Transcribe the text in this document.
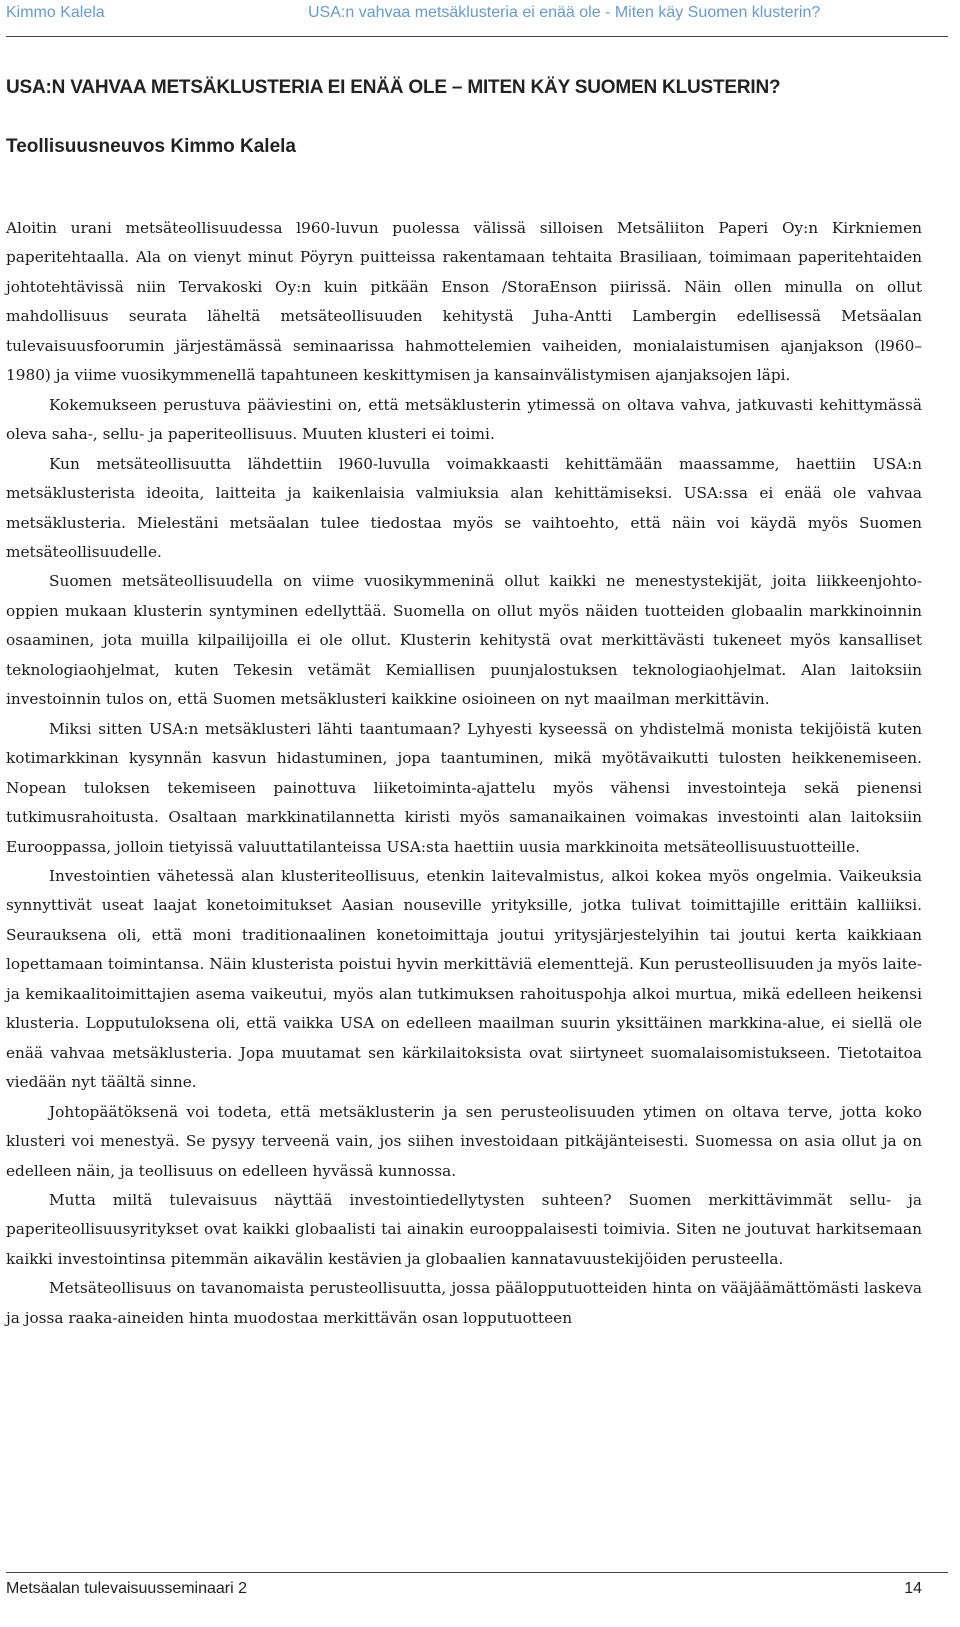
Kimmo Kalela	USA:n vahvaa metsäklusteria ei enää ole - Miten käy Suomen klusterin?
USA:N VAHVAA METSÄKLUSTERIA EI ENÄÄ OLE – MITEN KÄY SUOMEN KLUSTERIN?
Teollisuusneuvos Kimmo Kalela

Aloitin urani metsäteollisuudessa l960-luvun puolessa välissä silloisen Metsäliiton Paperi Oy:n Kirkniemen paperitehtaalla. Ala on vienyt minut Pöyryn puitteissa rakentamaan tehtaita Brasiliaan, toimimaan paperitehtaiden johtotehtävissä niin Tervakoski Oy:n kuin pitkään Enson /StoraEnson piirissä. Näin ollen minulla on ollut mahdollisuus seurata läheltä metsäteollisuuden kehitystä Juha-Antti Lambergin edellisessä Metsäalan tulevaisuusfoorumin järjestämässä seminaarissa hahmottelemien vaiheiden, monialaistumisen ajanjakson (l960–1980) ja viime vuosikymmenellä tapahtuneen keskittymisen ja kansainvälistymisen ajanjaksojen läpi.

Kokemukseen perustuva pääviestini on, että metsäklusterin ytimessä on oltava vahva, jatkuvasti kehittymässä oleva saha-, sellu- ja paperiteollisuus. Muuten klusteri ei toimi.

Kun metsäteollisuutta lähdettiin l960-luvulla voimakkaasti kehittämään maassamme, haettiin USA:n metsäklusterista ideoita, laitteita ja kaikenlaisia valmiuksia alan kehittämiseksi. USA:ssa ei enää ole vahvaa metsäklusteria. Mielestäni metsäalan tulee tiedostaa myös se vaihtoehto, että näin voi käydä myös Suomen metsäteollisuudelle.

Suomen metsäteollisuudella on viime vuosikymmeninä ollut kaikki ne menestystekijät, joita liikkeenjohto-oppien mukaan klusterin syntyminen edellyttää. Suomella on ollut myös näiden tuotteiden globaalin markkinoinnin osaaminen, jota muilla kilpailijoilla ei ole ollut. Klusterin kehitystä ovat merkittävästi tukeneet myös kansalliset teknologiaohjelmat, kuten Tekesin vetämät Kemiallisen puunjalostuksen teknologiaohjelmat. Alan laitoksiin investoinnin tulos on, että Suomen metsäklusteri kaikkine osioineen on nyt maailman merkittävin.

Miksi sitten USA:n metsäklusteri lähti taantumaan? Lyhyesti kyseessä on yhdistelmä monista tekijöistä kuten kotimarkkinan kysynnän kasvun hidastuminen, jopa taantuminen, mikä myötävaikutti tulosten heikkenemiseen. Nopean tuloksen tekemiseen painottuva liiketoiminta-ajattelu myös vähensi investointeja sekä pienensi tutkimusrahoitusta. Osaltaan markkinatilannetta kiristi myös samanaikainen voimakas investointi alan laitoksiin Eurooppassa, jolloin tietyissä valuuttatilanteissa USA:sta haettiin uusia markkinoita metsäteollisuustuotteille.

Investointien vähetessä alan klusteriteollisuus, etenkin laitevalmistus, alkoi kokea myös ongelmia. Vaikeuksia synnyttivät useat laajat konetoimitukset Aasian nouseville yrityksille, jotka tulivat toimittajille erittäin kalliiksi. Seurauksena oli, että moni traditionaalinen konetoimittaja joutui yritysjärjestelyihin tai joutui kerta kaikkiaan lopettamaan toimintansa. Näin klusterista poistui hyvin merkittäviä elementtejä. Kun perusteollisuuden ja myös laite- ja kemikaalitoimittajien asema vaikeutui, myös alan tutkimuksen rahoituspohja alkoi murtua, mikä edelleen heikensi klusteria. Lopputuloksena oli, että vaikka USA on edelleen maailman suurin yksittäinen markkina-alue, ei siellä ole enää vahvaa metsäklusteria. Jopa muutamat sen kärkilaitoksista ovat siirtyneet suomalaisomistukseen. Tietotaitoa viedään nyt täältä sinne.

Johtopäätöksenä voi todeta, että metsäklusterin ja sen perusteolisuuden ytimen on oltava terve, jotta koko klusteri voi menestyä. Se pysyy terveenä vain, jos siihen investoidaan pitkäjänteisesti. Suomessa on asia ollut ja on edelleen näin, ja teollisuus on edelleen hyvässä kunnossa.

Mutta miltä tulevaisuus näyttää investointiedellytysten suhteen? Suomen merkittävimmät sellu- ja paperiteollisuusyritykset ovat kaikki globaalisti tai ainakin eurooppalaisesti toimivia. Siten ne joutuvat harkitsemaan kaikki investointinsa pitemmän aikavälin kestävien ja globaalien kannatavuustekijöiden perusteella.

Metsäteollisuus on tavanomaista perusteollisuutta, jossa päälopputuotteiden hinta on vääjäämättömästi laskeva ja jossa raaka-aineiden hinta muodostaa merkittävän osan lopputuotteen

Metsäalan tulevaisuusseminaari 2	14
